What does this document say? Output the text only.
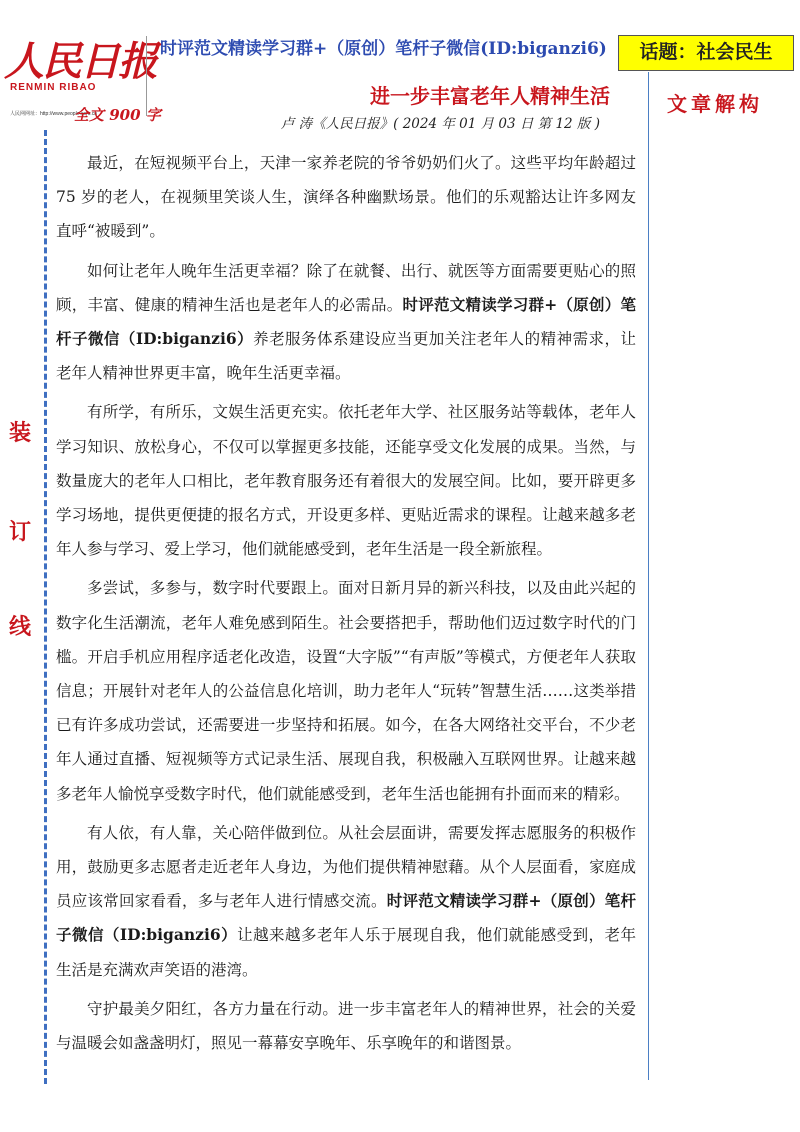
人民日报
RENMIN RIBAO
人民网网址：http://www.people.com.cn
全文 900 字
时评范文精读学习群+（原创）笔杆子微信(ID:biganzi6)	话题：社会民生
文章解构
装
订
线
进一步丰富老年人精神生活
卢 涛《人民日报》( 2024 年 01 月 03 日 第 12 版 )

最近，在短视频平台上，天津一家养老院的爷爷奶奶们火了。这些平均年龄超过 75 岁的老人，在视频里笑谈人生，演绎各种幽默场景。他们的乐观豁达让许多网友直呼“被暖到”。

如何让老年人晚年生活更幸福？除了在就餐、出行、就医等方面需要更贴心的照顾，丰富、健康的精神生活也是老年人的必需品。时评范文精读学习群+（原创）笔杆子微信（ID:biganzi6）养老服务体系建设应当更加关注老年人的精神需求，让老年人精神世界更丰富，晚年生活更幸福。

有所学，有所乐，文娱生活更充实。依托老年大学、社区服务站等载体，老年人学习知识、放松身心，不仅可以掌握更多技能，还能享受文化发展的成果。当然，与数量庞大的老年人口相比，老年教育服务还有着很大的发展空间。比如，要开辟更多学习场地，提供更便捷的报名方式，开设更多样、更贴近需求的课程。让越来越多老年人参与学习、爱上学习，他们就能感受到，老年生活是一段全新旅程。

多尝试，多参与，数字时代要跟上。面对日新月异的新兴科技，以及由此兴起的数字化生活潮流，老年人难免感到陌生。社会要搭把手，帮助他们迈过数字时代的门槛。开启手机应用程序适老化改造，设置“大字版”“有声版”等模式，方便老年人获取信息；开展针对老年人的公益信息化培训，助力老年人“玩转”智慧生活……这类举措已有许多成功尝试，还需要进一步坚持和拓展。如今，在各大网络社交平台，不少老年人通过直播、短视频等方式记录生活、展现自我，积极融入互联网世界。让越来越多老年人愉悦享受数字时代，他们就能感受到，老年生活也能拥有扑面而来的精彩。

有人依，有人靠，关心陪伴做到位。从社会层面讲，需要发挥志愿服务的积极作用，鼓励更多志愿者走近老年人身边，为他们提供精神慰藉。从个人层面看，家庭成员应该常回家看看，多与老年人进行情感交流。时评范文精读学习群+（原创）笔杆子微信（ID:biganzi6）让越来越多老年人乐于展现自我，他们就能感受到，老年生活是充满欢声笑语的港湾。

守护最美夕阳红，各方力量在行动。进一步丰富老年人的精神世界，社会的关爱与温暖会如盏盏明灯，照见一幕幕安享晚年、乐享晚年的和谐图景。
